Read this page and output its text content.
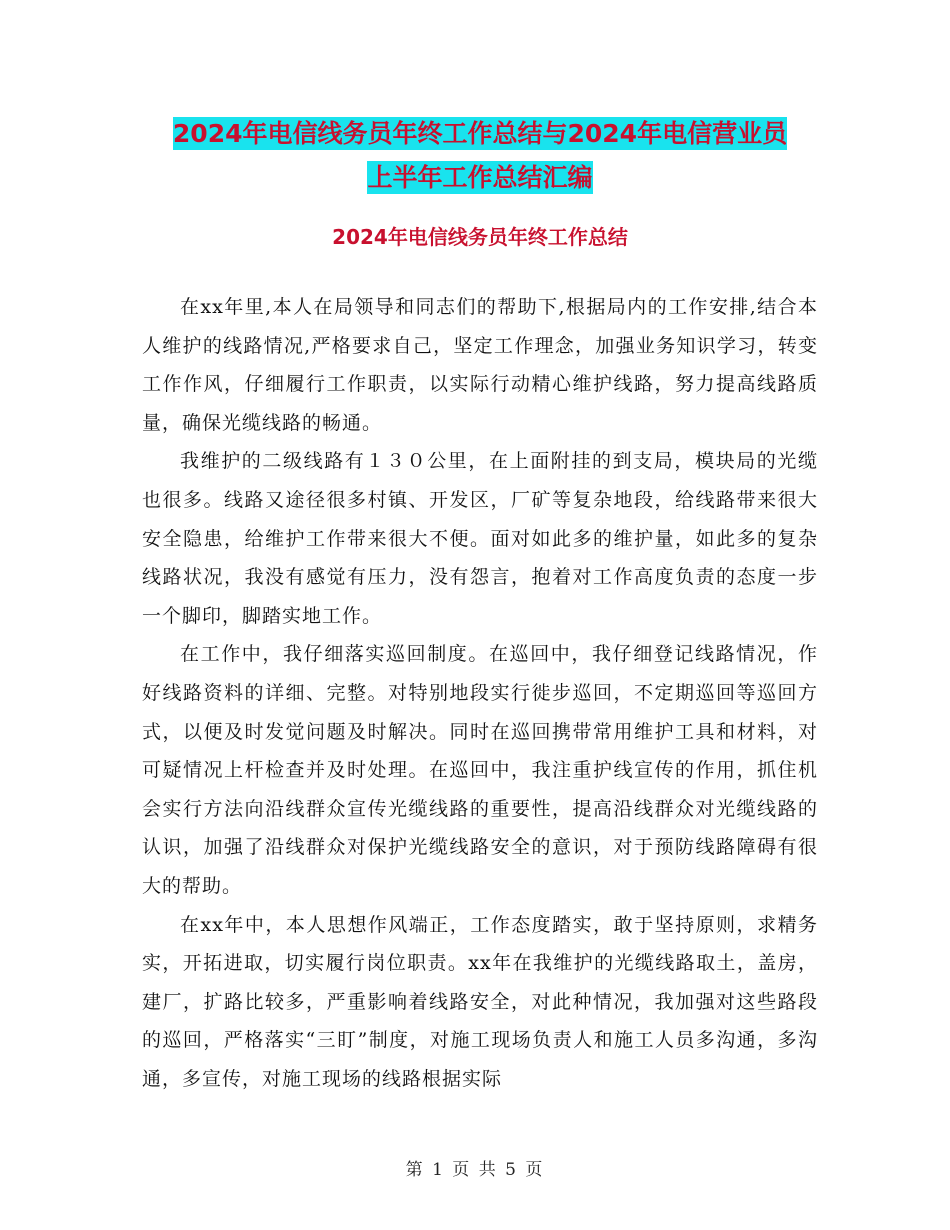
2024年电信线务员年终工作总结与2024年电信营业员
上半年工作总结汇编
2024年电信线务员年终工作总结

在xx年里,本人在局领导和同志们的帮助下,根据局内的工作安排,结合本人维护的线路情况,严格要求自己，坚定工作理念，加强业务知识学习，转变工作作风，仔细履行工作职责，以实际行动精心维护线路，努力提高线路质量，确保光缆线路的畅通。

我维护的二级线路有１３０公里，在上面附挂的到支局，模块局的光缆也很多。线路又途径很多村镇、开发区，厂矿等复杂地段，给线路带来很大安全隐患，给维护工作带来很大不便。面对如此多的维护量，如此多的复杂线路状况，我没有感觉有压力，没有怨言，抱着对工作高度负责的态度一步一个脚印，脚踏实地工作。

在工作中，我仔细落实巡回制度。在巡回中，我仔细登记线路情况，作好线路资料的详细、完整。对特别地段实行徙步巡回，不定期巡回等巡回方式，以便及时发觉问题及时解决。同时在巡回携带常用维护工具和材料，对可疑情况上杆检查并及时处理。在巡回中，我注重护线宣传的作用，抓住机会实行方法向沿线群众宣传光缆线路的重要性，提高沿线群众对光缆线路的认识，加强了沿线群众对保护光缆线路安全的意识，对于预防线路障碍有很大的帮助。

在xx年中，本人思想作风端正，工作态度踏实，敢于坚持原则，求精务实，开拓进取，切实履行岗位职责。xx年在我维护的光缆线路取土，盖房，建厂，扩路比较多，严重影响着线路安全，对此种情况，我加强对这些路段的巡回，严格落实“三盯”制度，对施工现场负责人和施工人员多沟通，多沟通，多宣传，对施工现场的线路根据实际

第 1 页 共 5 页
